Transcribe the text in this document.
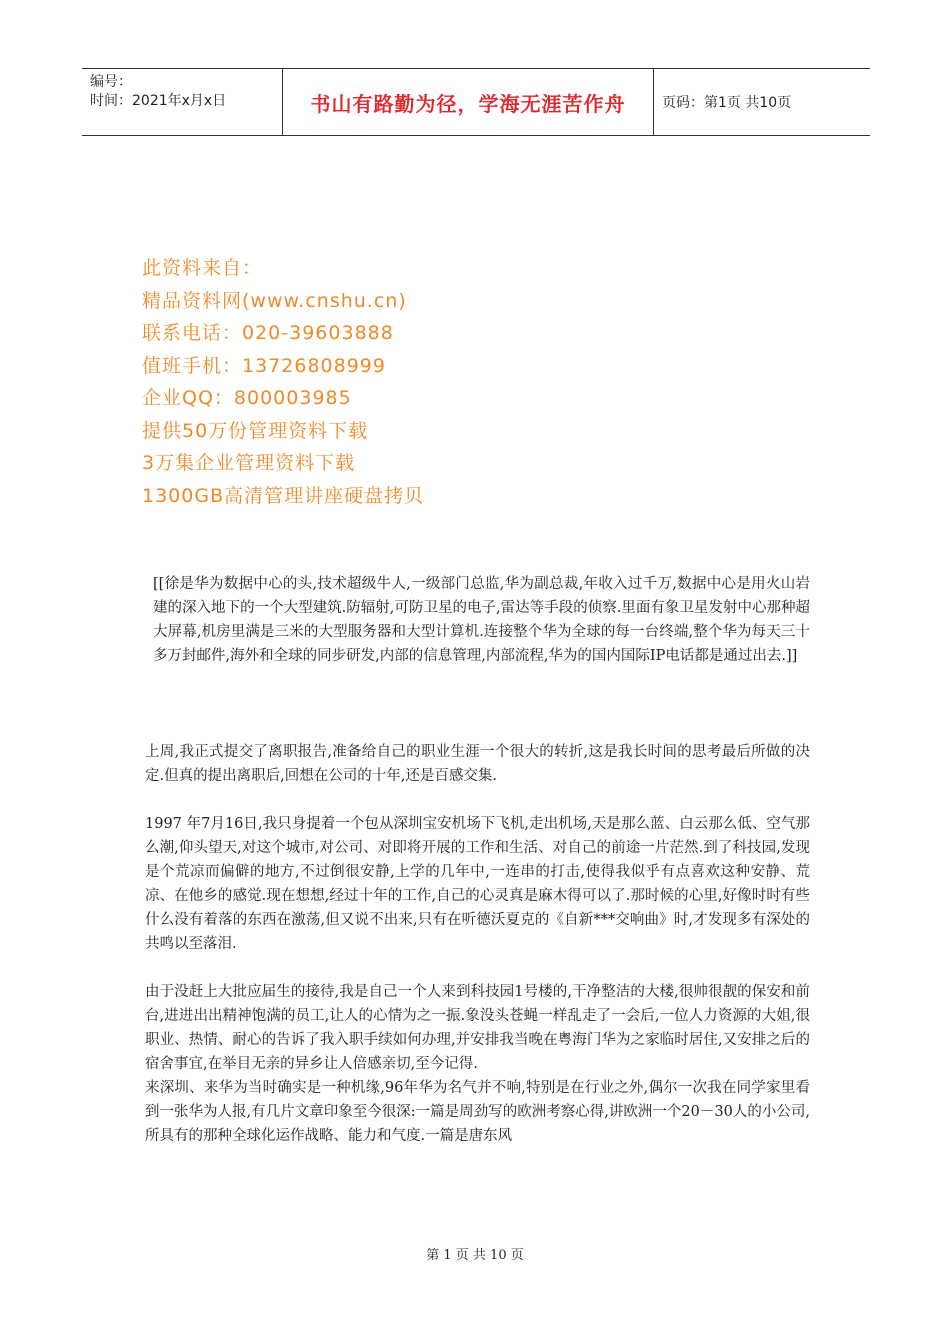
编号：
时间：2021年x月x日	书山有路勤为径，学海无涯苦作舟	页码：第1页 共10页
此资料来自：
精品资料网(www.cnshu.cn)
联系电话：020-39603888
值班手机：13726808999
企业QQ：800003985
提供50万份管理资料下载
3万集企业管理资料下载
1300GB高清管理讲座硬盘拷贝

[[徐是华为数据中心的头,技术超级牛人,一级部门总监,华为副总裁,年收入过千万,数据中心是用火山岩建的深入地下的一个大型建筑.防辐射,可防卫星的电子,雷达等手段的侦察.里面有象卫星发射中心那种超大屏幕,机房里满是三米的大型服务器和大型计算机.连接整个华为全球的每一台终端,整个华为每天三十多万封邮件,海外和全球的同步研发,内部的信息管理,内部流程,华为的国内国际IP电话都是通过出去.]]

上周,我正式提交了离职报告,准备给自己的职业生涯一个很大的转折,这是我长时间的思考最后所做的决定.但真的提出离职后,回想在公司的十年,还是百感交集.

1997 年7月16日,我只身提着一个包从深圳宝安机场下飞机,走出机场,天是那么蓝、白云那么低、空气那么潮,仰头望天,对这个城市,对公司、对即将开展的工作和生活、对自己的前途一片茫然.到了科技园,发现是个荒凉而偏僻的地方,不过倒很安静,上学的几年中,一连串的打击,使得我似乎有点喜欢这种安静、荒凉、在他乡的感觉.现在想想,经过十年的工作,自己的心灵真是麻木得可以了.那时候的心里,好像时时有些什么没有着落的东西在激荡,但又说不出来,只有在听德沃夏克的《自新***交响曲》时,才发现多有深处的共鸣以至落泪.

由于没赶上大批应届生的接待,我是自己一个人来到科技园1号楼的,干净整洁的大楼,很帅很靓的保安和前台,进进出出精神饱满的员工,让人的心情为之一振.象没头苍蝇一样乱走了一会后,一位人力资源的大姐,很职业、热情、耐心的告诉了我入职手续如何办理,并安排我当晚在粤海门华为之家临时居住,又安排之后的宿舍事宜,在举目无亲的异乡让人倍感亲切,至今记得.

来深圳、来华为当时确实是一种机缘,96年华为名气并不响,特别是在行业之外,偶尔一次我在同学家里看到一张华为人报,有几片文章印象至今很深:一篇是周劲写的欧洲考察心得,讲欧洲一个20－30人的小公司,所具有的那种全球化运作战略、能力和气度.一篇是唐东风

第 1 页 共 10 页
